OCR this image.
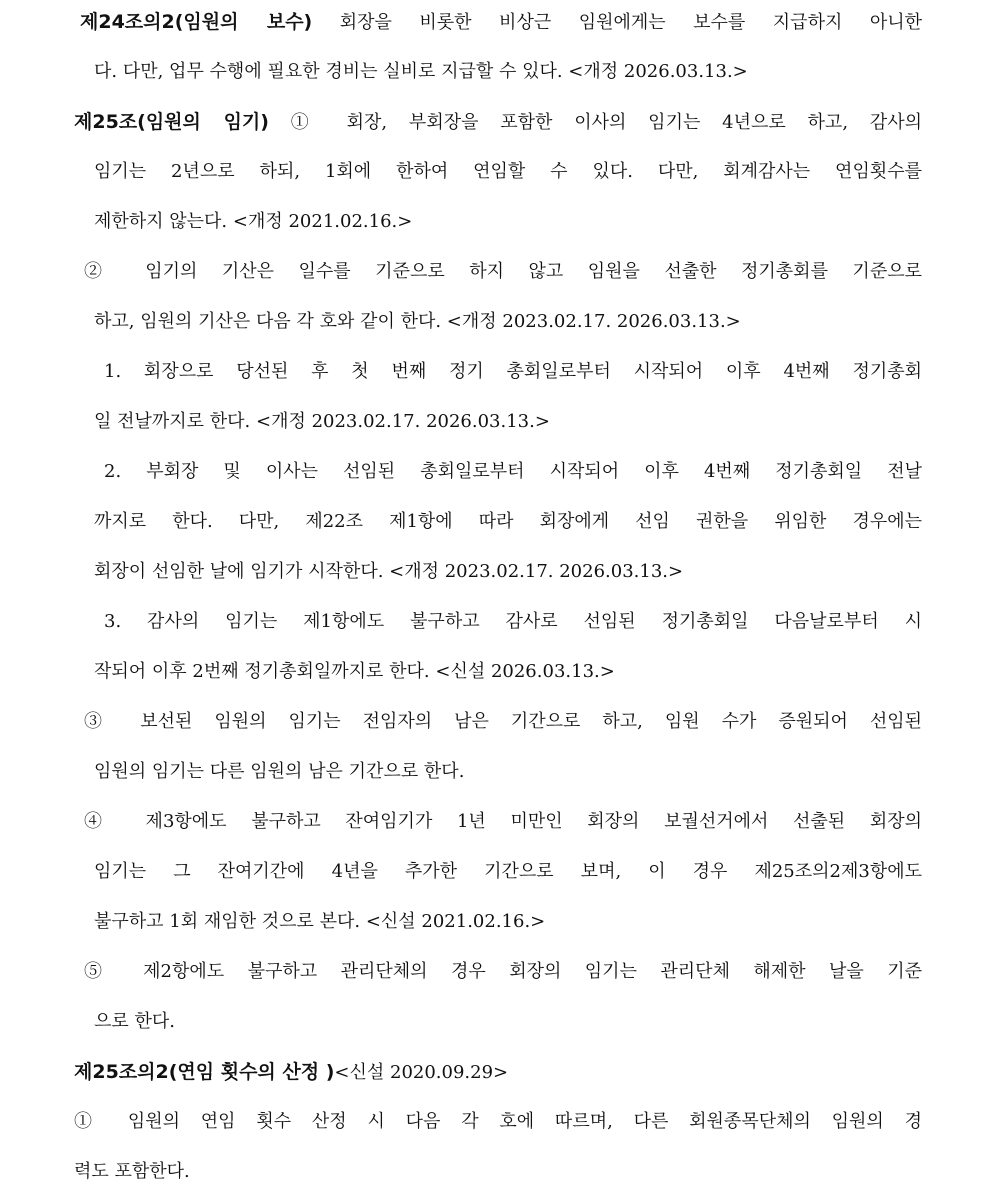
제24조의2(임원의 보수) 회장을 비롯한 비상근 임원에게는 보수를 지급하지 아니한
다. 다만, 업무 수행에 필요한 경비는 실비로 지급할 수 있다. <개정 2026.03.13.>
제25조(임원의 임기) ① 회장, 부회장을 포함한 이사의 임기는 4년으로 하고, 감사의
임기는 2년으로 하되, 1회에 한하여 연임할 수 있다. 다만, 회계감사는 연임횟수를
제한하지 않는다. <개정 2021.02.16.>
② 임기의 기산은 일수를 기준으로 하지 않고 임원을 선출한 정기총회를 기준으로
하고, 임원의 기산은 다음 각 호와 같이 한다. <개정 2023.02.17. 2026.03.13.>
1. 회장으로 당선된 후 첫 번째 정기 총회일로부터 시작되어 이후 4번째 정기총회
일 전날까지로 한다. <개정 2023.02.17. 2026.03.13.>
2. 부회장 및 이사는 선임된 총회일로부터 시작되어 이후 4번째 정기총회일 전날
까지로 한다. 다만, 제22조 제1항에 따라 회장에게 선임 권한을 위임한 경우에는
회장이 선임한 날에 임기가 시작한다. <개정 2023.02.17. 2026.03.13.>
3. 감사의 임기는 제1항에도 불구하고 감사로 선임된 정기총회일 다음날로부터 시
작되어 이후 2번째 정기총회일까지로 한다. <신설 2026.03.13.>
③ 보선된 임원의 임기는 전임자의 남은 기간으로 하고, 임원 수가 증원되어 선임된
임원의 임기는 다른 임원의 남은 기간으로 한다.
④ 제3항에도 불구하고 잔여임기가 1년 미만인 회장의 보궐선거에서 선출된 회장의
임기는 그 잔여기간에 4년을 추가한 기간으로 보며, 이 경우 제25조의2제3항에도
불구하고 1회 재임한 것으로 본다. <신설 2021.02.16.>
⑤ 제2항에도 불구하고 관리단체의 경우 회장의 임기는 관리단체 해제한 날을 기준
으로 한다.
제25조의2(연임 횟수의 산정 )<신설 2020.09.29>
① 임원의 연임 횟수 산정 시 다음 각 호에 따르며, 다른 회원종목단체의 임원의 경
력도 포함한다.
